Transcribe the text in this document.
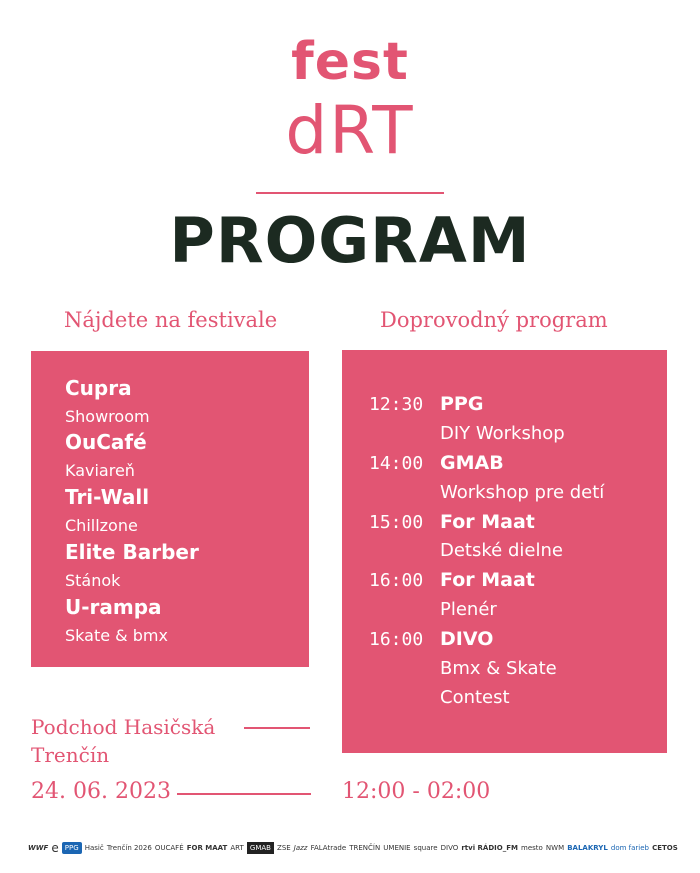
fest
dRT
PROGRAM
Nájdete na festivale	Doprovodný program
Cupra
Showroom
OuCafé
Kaviareň
Tri-Wall
Chillzone
Elite Barber
Stánok
U-rampa
Skate & bmx
12:30 PPG
DIY Workshop
14:00 GMAB
Workshop pre detí
15:00 For Maat
Detské dielne
16:00 For Maat
Plenér
16:00 DIVO
Bmx & Skate
Contest
Podchod Hasičská
Trenčín
24. 06. 2023	12:00 - 02:00
WWF e PPG Hasič Trenčín 2026 OUCAFÉ FOR MAAT ART GMAB ZSE Jazz FALAtrade TRENČÍN UMENIE square DIVO rtvi RÁDIO_FM mesto NWM BALAKRYL dom farieb CETOS
